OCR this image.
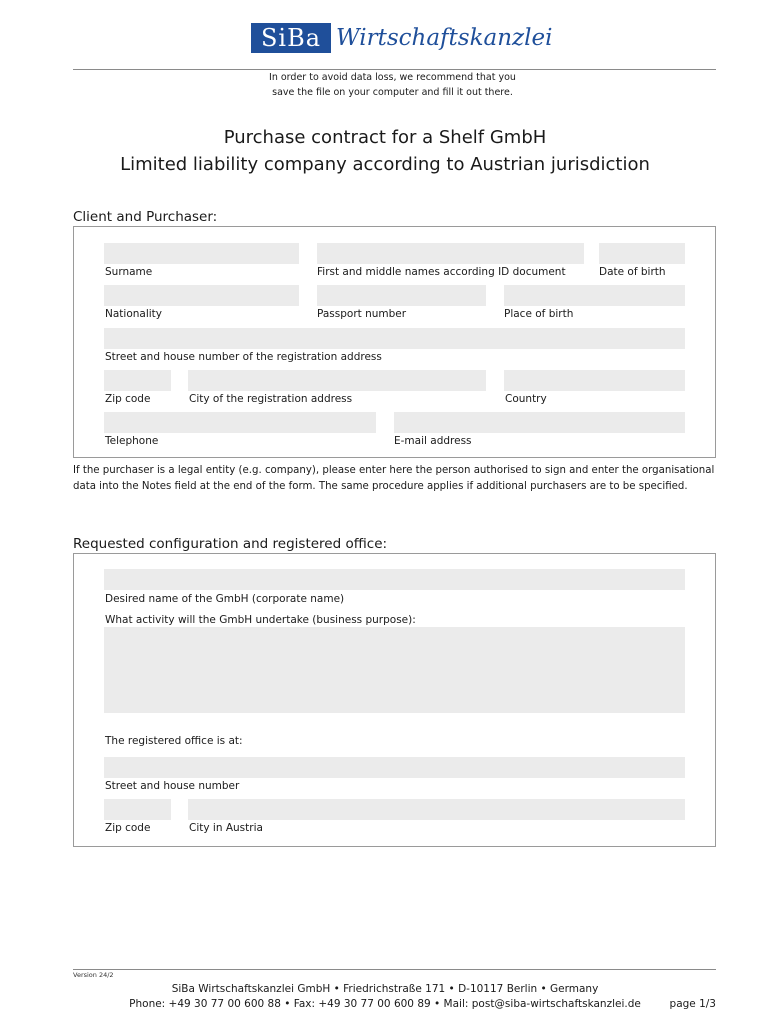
SiBa Wirtschaftskanzlei
In order to avoid data loss, we recommend that you
save the file on your computer and fill it out there.
Purchase contract for a Shelf GmbH
Limited liability company according to Austrian jurisdiction
Client and Purchaser:
Surname	First and middle names according ID document	Date of birth
Nationality	Passport number	Place of birth
Street and house number of the registration address
Zip code	City of the registration address	Country
Telephone	E-mail address
If the purchaser is a legal entity (e.g. company), please enter here the person authorised to sign and enter the organisational
data into the Notes field at the end of the form. The same procedure applies if additional purchasers are to be specified.
Requested configuration and registered office:
Desired name of the GmbH (corporate name)
What activity will the GmbH undertake (business purpose):
The registered office is at:
Street and house number
Zip code	City in Austria
Version 24/2
SiBa Wirtschaftskanzlei GmbH • Friedrichstraße 171 • D-10117 Berlin • Germany
Phone: +49 30 77 00 600 88 • Fax: +49 30 77 00 600 89 • Mail: post@siba-wirtschaftskanzlei.de	page 1/3
